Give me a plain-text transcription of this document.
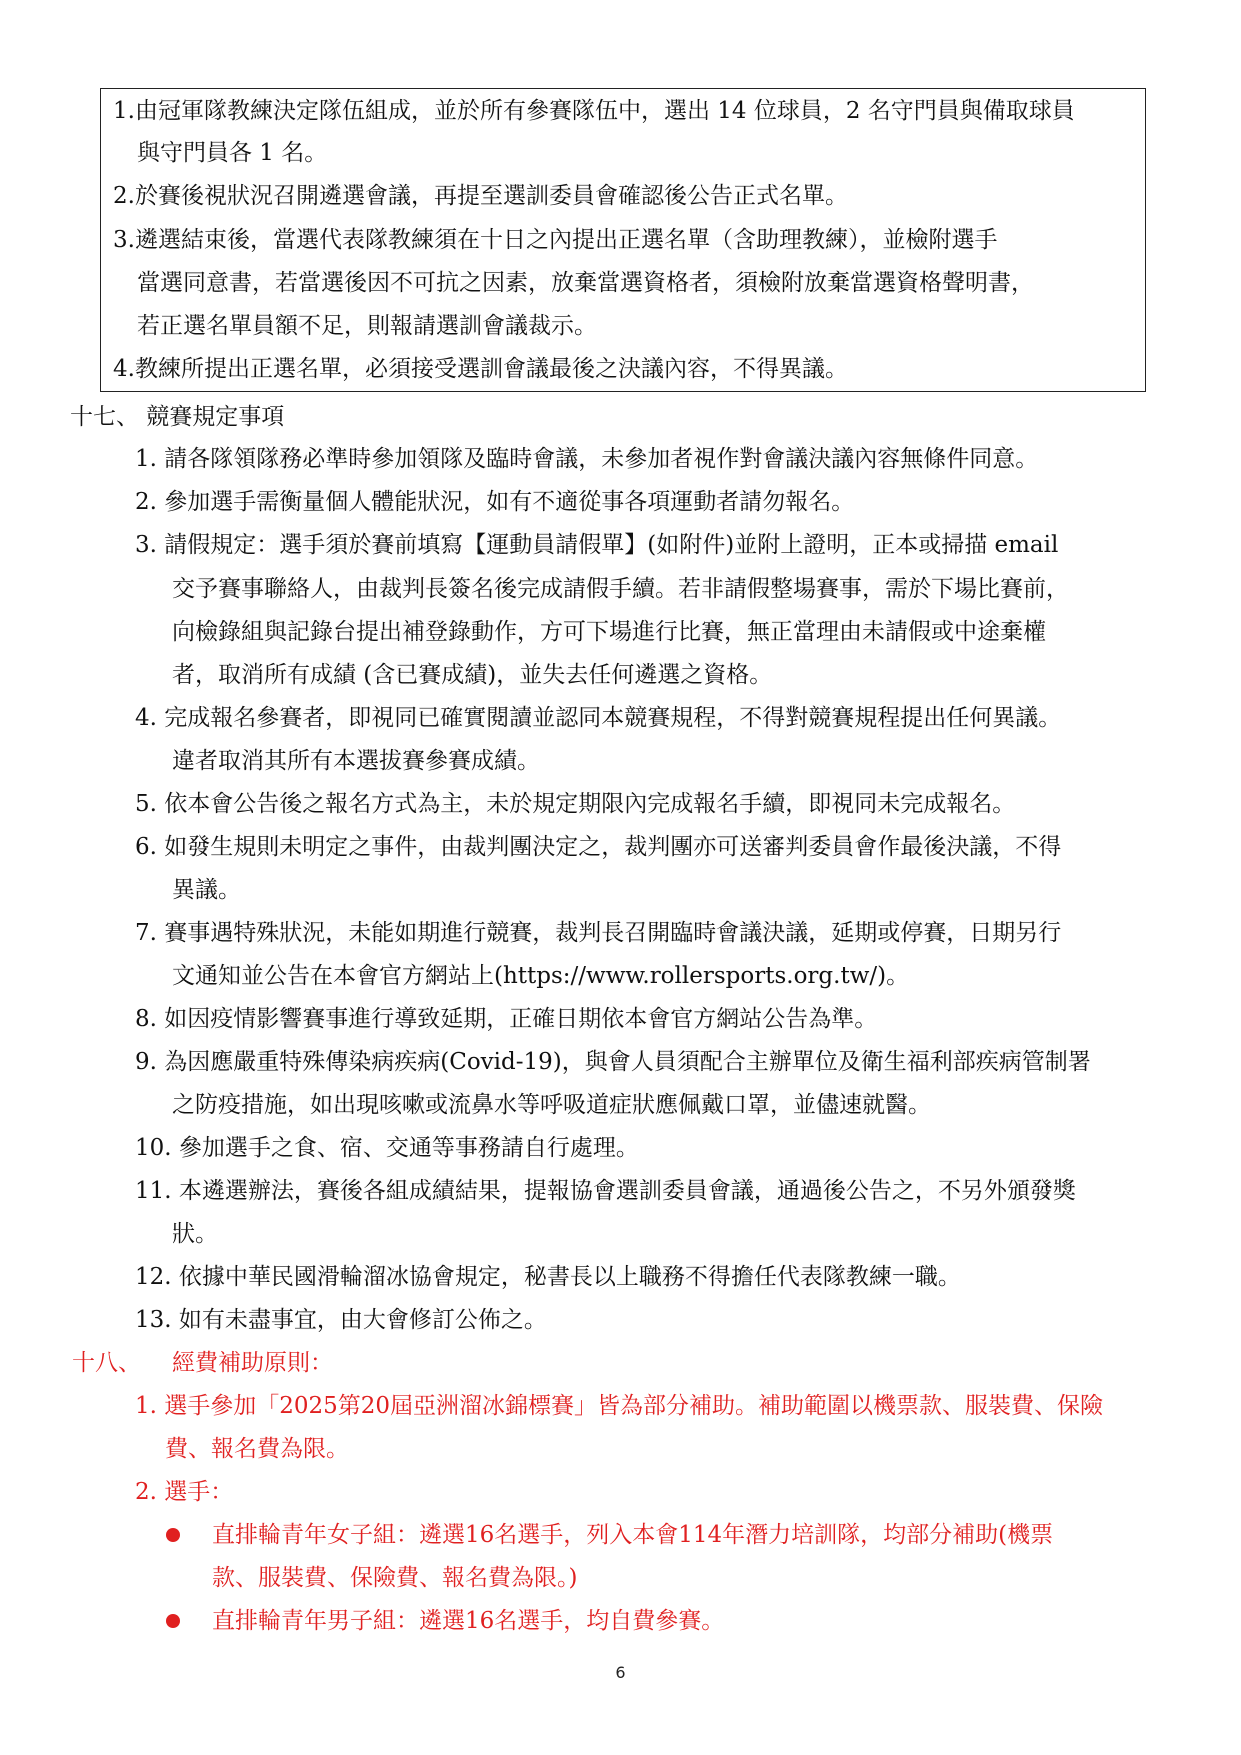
1.由冠軍隊教練決定隊伍組成，並於所有參賽隊伍中，選出 14 位球員，2 名守門員與備取球員
與守門員各 1 名。
2.於賽後視狀況召開遴選會議，再提至選訓委員會確認後公告正式名單。
3.遴選結束後，當選代表隊教練須在十日之內提出正選名單（含助理教練），並檢附選手
當選同意書，若當選後因不可抗之因素，放棄當選資格者，須檢附放棄當選資格聲明書，
若正選名單員額不足，則報請選訓會議裁示。
4.教練所提出正選名單，必須接受選訓會議最後之決議內容，不得異議。
十七、 競賽規定事項
1. 請各隊領隊務必準時參加領隊及臨時會議，未參加者視作對會議決議內容無條件同意。
2. 參加選手需衡量個人體能狀況，如有不適從事各項運動者請勿報名。
3. 請假規定：選手須於賽前填寫【運動員請假單】(如附件)並附上證明，正本或掃描 email
交予賽事聯絡人，由裁判長簽名後完成請假手續。若非請假整場賽事，需於下場比賽前，
向檢錄組與記錄台提出補登錄動作，方可下場進行比賽，無正當理由未請假或中途棄權
者，取消所有成績 (含已賽成績)，並失去任何遴選之資格。
4. 完成報名參賽者，即視同已確實閱讀並認同本競賽規程，不得對競賽規程提出任何異議。
違者取消其所有本選拔賽參賽成績。
5. 依本會公告後之報名方式為主，未於規定期限內完成報名手續，即視同未完成報名。
6. 如發生規則未明定之事件，由裁判團決定之，裁判團亦可送審判委員會作最後決議，不得
異議。
7. 賽事遇特殊狀況，未能如期進行競賽，裁判長召開臨時會議決議，延期或停賽，日期另行
文通知並公告在本會官方網站上(https://www.rollersports.org.tw/)。
8. 如因疫情影響賽事進行導致延期，正確日期依本會官方網站公告為準。
9. 為因應嚴重特殊傳染病疾病(Covid-19)，與會人員須配合主辦單位及衛生福利部疾病管制署
之防疫措施，如出現咳嗽或流鼻水等呼吸道症狀應佩戴口罩，並儘速就醫。
10. 參加選手之食、宿、交通等事務請自行處理。
11. 本遴選辦法，賽後各組成績結果，提報協會選訓委員會議，通過後公告之，不另外頒發獎
狀。
12. 依據中華民國滑輪溜冰協會規定，秘書長以上職務不得擔任代表隊教練一職。
13. 如有未盡事宜，由大會修訂公佈之。
十八、 經費補助原則：
1. 選手參加「2025第20屆亞洲溜冰錦標賽」皆為部分補助。補助範圍以機票款、服裝費、保險
費、報名費為限。
2. 選手：
直排輪青年女子組：遴選16名選手，列入本會114年潛力培訓隊，均部分補助(機票
款、服裝費、保險費、報名費為限。)
直排輪青年男子組：遴選16名選手，均自費參賽。
6
